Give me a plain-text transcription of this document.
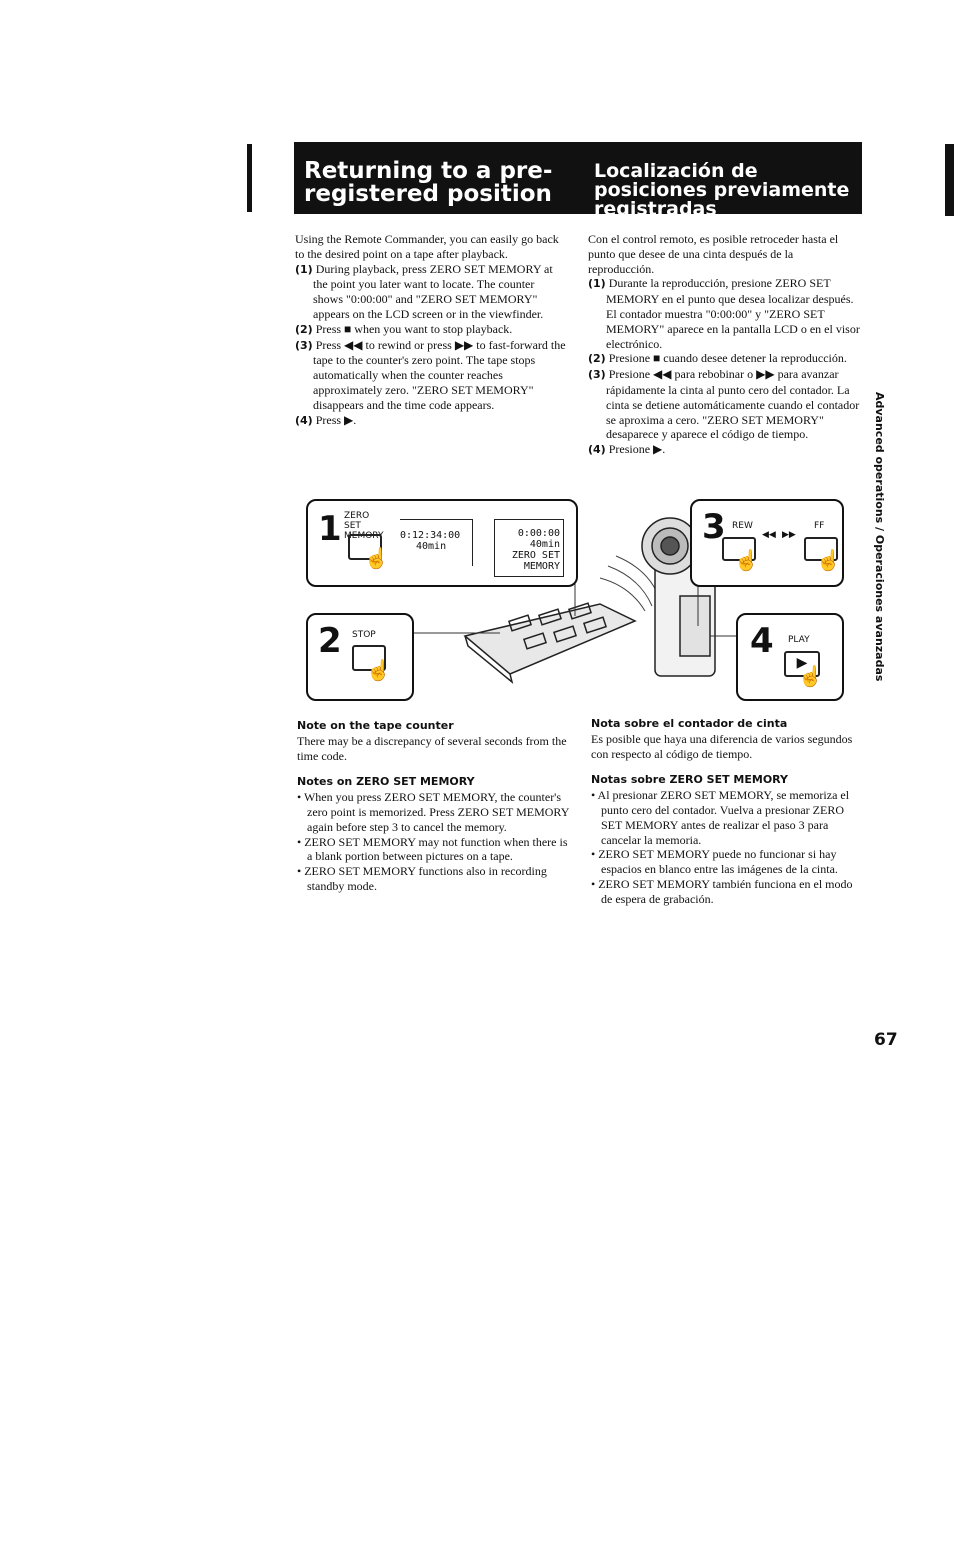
Returning to a pre-registered position
Localización de posiciones previamente registradas

Using the Remote Commander, you can easily go back to the desired point on a tape after playback.

(1) During playback, press ZERO SET MEMORY at the point you later want to locate. The counter shows "0:00:00" and "ZERO SET MEMORY" appears on the LCD screen or in the viewfinder.

(2) Press ■ when you want to stop playback.

(3) Press ◀◀ to rewind or press ▶▶ to fast-forward the tape to the counter's zero point. The tape stops automatically when the counter reaches approximately zero. "ZERO SET MEMORY" disappears and the time code appears.

(4) Press ▶.

Con el control remoto, es posible retroceder hasta el punto que desee de una cinta después de la reproducción.

(1) Durante la reproducción, presione ZERO SET MEMORY en el punto que desea localizar después. El contador muestra "0:00:00" y "ZERO SET MEMORY" aparece en la pantalla LCD o en el visor electrónico.

(2) Presione ■ cuando desee detener la reproducción.

(3) Presione ◀◀ para rebobinar o ▶▶ para avanzar rápidamente la cinta al punto cero del contador. La cinta se detiene automáticamente cuando el contador se aproxima a cero. "ZERO SET MEMORY" desaparece y aparece el código de tiempo.

(4) Presione ▶.

1 ZERO SET MEMORY
☝
0:12:34:00
40min
0:00:00
40min
ZERO SET
MEMORY
2 STOP
☝
3 REW	FF
◀◀ ▶▶
☝	☝
4 PLAY
▶
☝

Note on the tape counter

There may be a discrepancy of several seconds from the time code.

Notes on ZERO SET MEMORY

• When you press ZERO SET MEMORY, the counter's zero point is memorized. Press ZERO SET MEMORY again before step 3 to cancel the memory.

• ZERO SET MEMORY may not function when there is a blank portion between pictures on a tape.

• ZERO SET MEMORY functions also in recording standby mode.

Nota sobre el contador de cinta

Es posible que haya una diferencia de varios segundos con respecto al código de tiempo.

Notas sobre ZERO SET MEMORY

• Al presionar ZERO SET MEMORY, se memoriza el punto cero del contador. Vuelva a presionar ZERO SET MEMORY antes de realizar el paso 3 para cancelar la memoria.

• ZERO SET MEMORY puede no funcionar si hay espacios en blanco entre las imágenes de la cinta.

• ZERO SET MEMORY también funciona en el modo de espera de grabación.

Advanced operations / Operaciones avanzadas
67
